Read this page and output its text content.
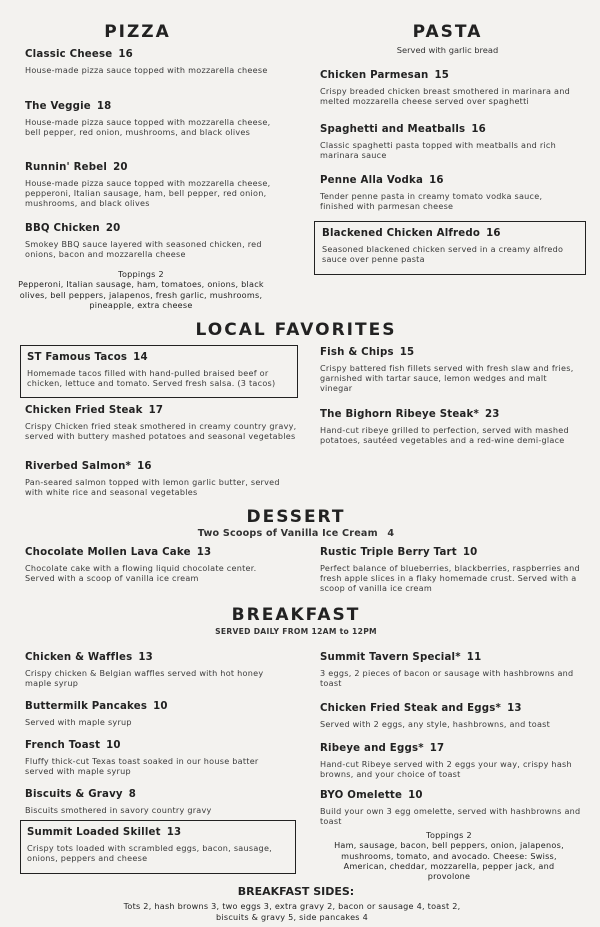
PIZZA
Classic Cheese 16
House-made pizza sauce topped with mozzarella cheese
The Veggie 18
House-made pizza sauce topped with mozzarella cheese, bell pepper, red onion, mushrooms, and black olives
Runnin' Rebel 20
House-made pizza sauce topped with mozzarella cheese, pepperoni, Italian sausage, ham, bell pepper, red onion, mushrooms, and black olives
BBQ Chicken 20
Smokey BBQ sauce layered with seasoned chicken, red onions, bacon and mozzarella cheese
Toppings 2
Pepperoni, Italian sausage, ham, tomatoes, onions, black olives, bell peppers, jalapenos, fresh garlic, mushrooms, pineapple, extra cheese
PASTA
Served with garlic bread
Chicken Parmesan 15
Crispy breaded chicken breast smothered in marinara and melted mozzarella cheese served over spaghetti
Spaghetti and Meatballs 16
Classic spaghetti pasta topped with meatballs and rich marinara sauce
Penne Alla Vodka 16
Tender penne pasta in creamy tomato vodka sauce, finished with parmesan cheese
Blackened Chicken Alfredo 16
Seasoned blackened chicken served in a creamy alfredo sauce over penne pasta
LOCAL FAVORITES
ST Famous Tacos 14
Homemade tacos filled with hand-pulled braised beef or chicken, lettuce and tomato. Served fresh salsa. (3 tacos)
Chicken Fried Steak 17
Crispy Chicken fried steak smothered in creamy country gravy, served with buttery mashed potatoes and seasonal vegetables
Riverbed Salmon* 16
Pan-seared salmon topped with lemon garlic butter, served with white rice and seasonal vegetables
Fish & Chips 15
Crispy battered fish fillets served with fresh slaw and fries, garnished with tartar sauce, lemon wedges and malt vinegar
The Bighorn Ribeye Steak* 23
Hand-cut ribeye grilled to perfection, served with mashed potatoes, sautéed vegetables and a red-wine demi-glace
DESSERT
Two Scoops of Vanilla Ice Cream 4
Chocolate Mollen Lava Cake 13
Chocolate cake with a flowing liquid chocolate center. Served with a scoop of vanilla ice cream
Rustic Triple Berry Tart 10
Perfect balance of blueberries, blackberries, raspberries and fresh apple slices in a flaky homemade crust. Served with a scoop of vanilla ice cream
BREAKFAST
SERVED DAILY FROM 12AM to 12PM
Chicken & Waffles 13
Crispy chicken & Belgian waffles served with hot honey maple syrup
Buttermilk Pancakes 10
Served with maple syrup
French Toast 10
Fluffy thick-cut Texas toast soaked in our house batter served with maple syrup
Biscuits & Gravy 8
Biscuits smothered in savory country gravy
Summit Loaded Skillet 13
Crispy tots loaded with scrambled eggs, bacon, sausage, onions, peppers and cheese
Summit Tavern Special* 11
3 eggs, 2 pieces of bacon or sausage with hashbrowns and toast
Chicken Fried Steak and Eggs* 13
Served with 2 eggs, any style, hashbrowns, and toast
Ribeye and Eggs* 17
Hand-cut Ribeye served with 2 eggs your way, crispy hash browns, and your choice of toast
BYO Omelette 10
Build your own 3 egg omelette, served with hashbrowns and toast
Toppings 2
Ham, sausage, bacon, bell peppers, onion, jalapenos, mushrooms, tomato, and avocado. Cheese: Swiss, American, cheddar, mozzarella, pepper jack, and provolone
BREAKFAST SIDES:
Tots 2, hash browns 3, two eggs 3, extra gravy 2, bacon or sausage 4, toast 2, biscuits & gravy 5, side pancakes 4
